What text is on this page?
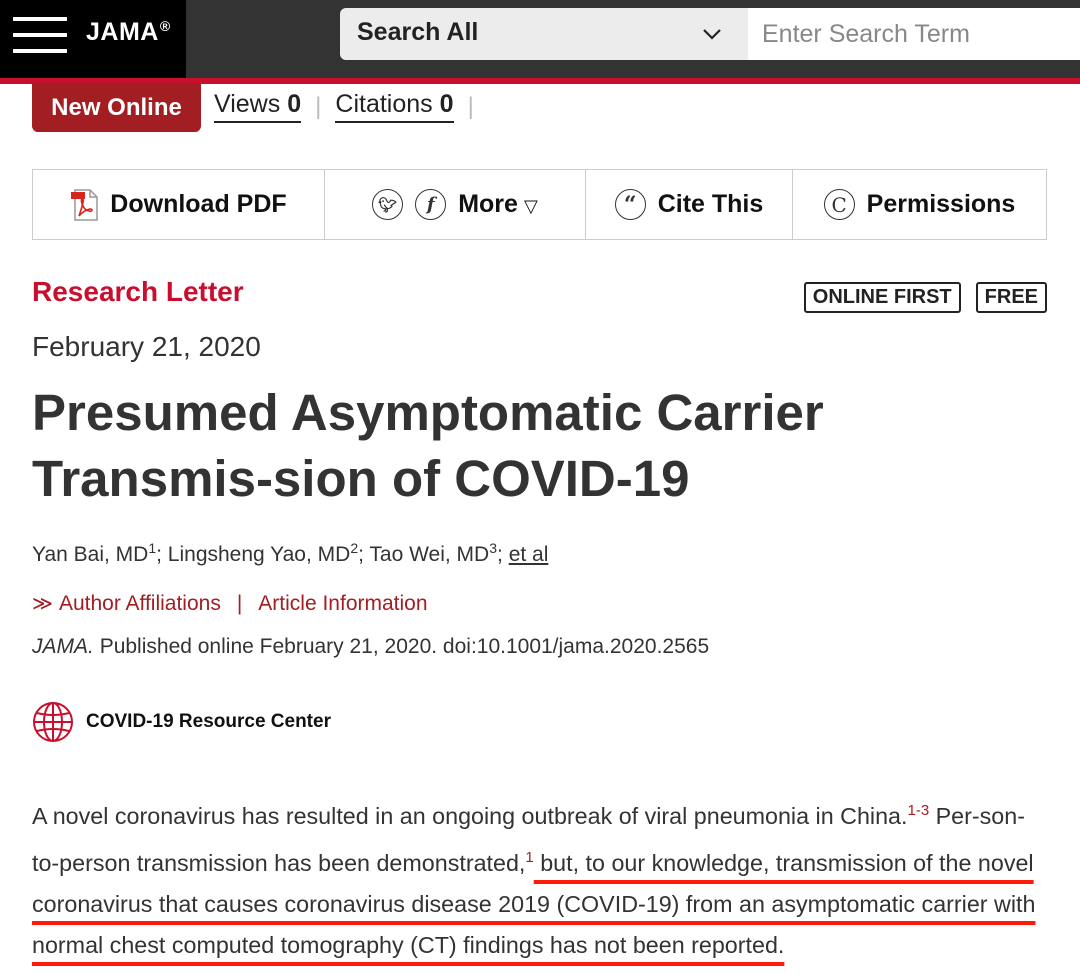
JAMA®	Search All
Enter Search Term
New Online	Views 0 | Citations 0 |
Download PDF	🐦︎	f More ▽	“ Cite This	C Permissions
Research Letter	ONLINE FIRST	FREE
February 21, 2020
Presumed Asymptomatic Carrier Transmis-sion of COVID-19
Yan Bai, $MD^1$; Lingsheng Yao, $MD^2$; Tao Wei, $MD^3$; et al
≫ Author Affiliations | Article Information
JAMA. Published online February 21, 2020. doi:10.1001/jama.2020.2565
COVID-19 Resource Center

A novel coronavirus has resulted in an ongoing outbreak of viral pneumonia in China.$^{1-3}$ Per-son-to-person transmission has been demonstrated,$^1$ but, to our knowledge, transmission of the novel coronavirus that causes coronavirus disease 2019 (COVID-19) from an asymptomatic carrier with normal chest computed tomography (CT) findings has not been reported.
